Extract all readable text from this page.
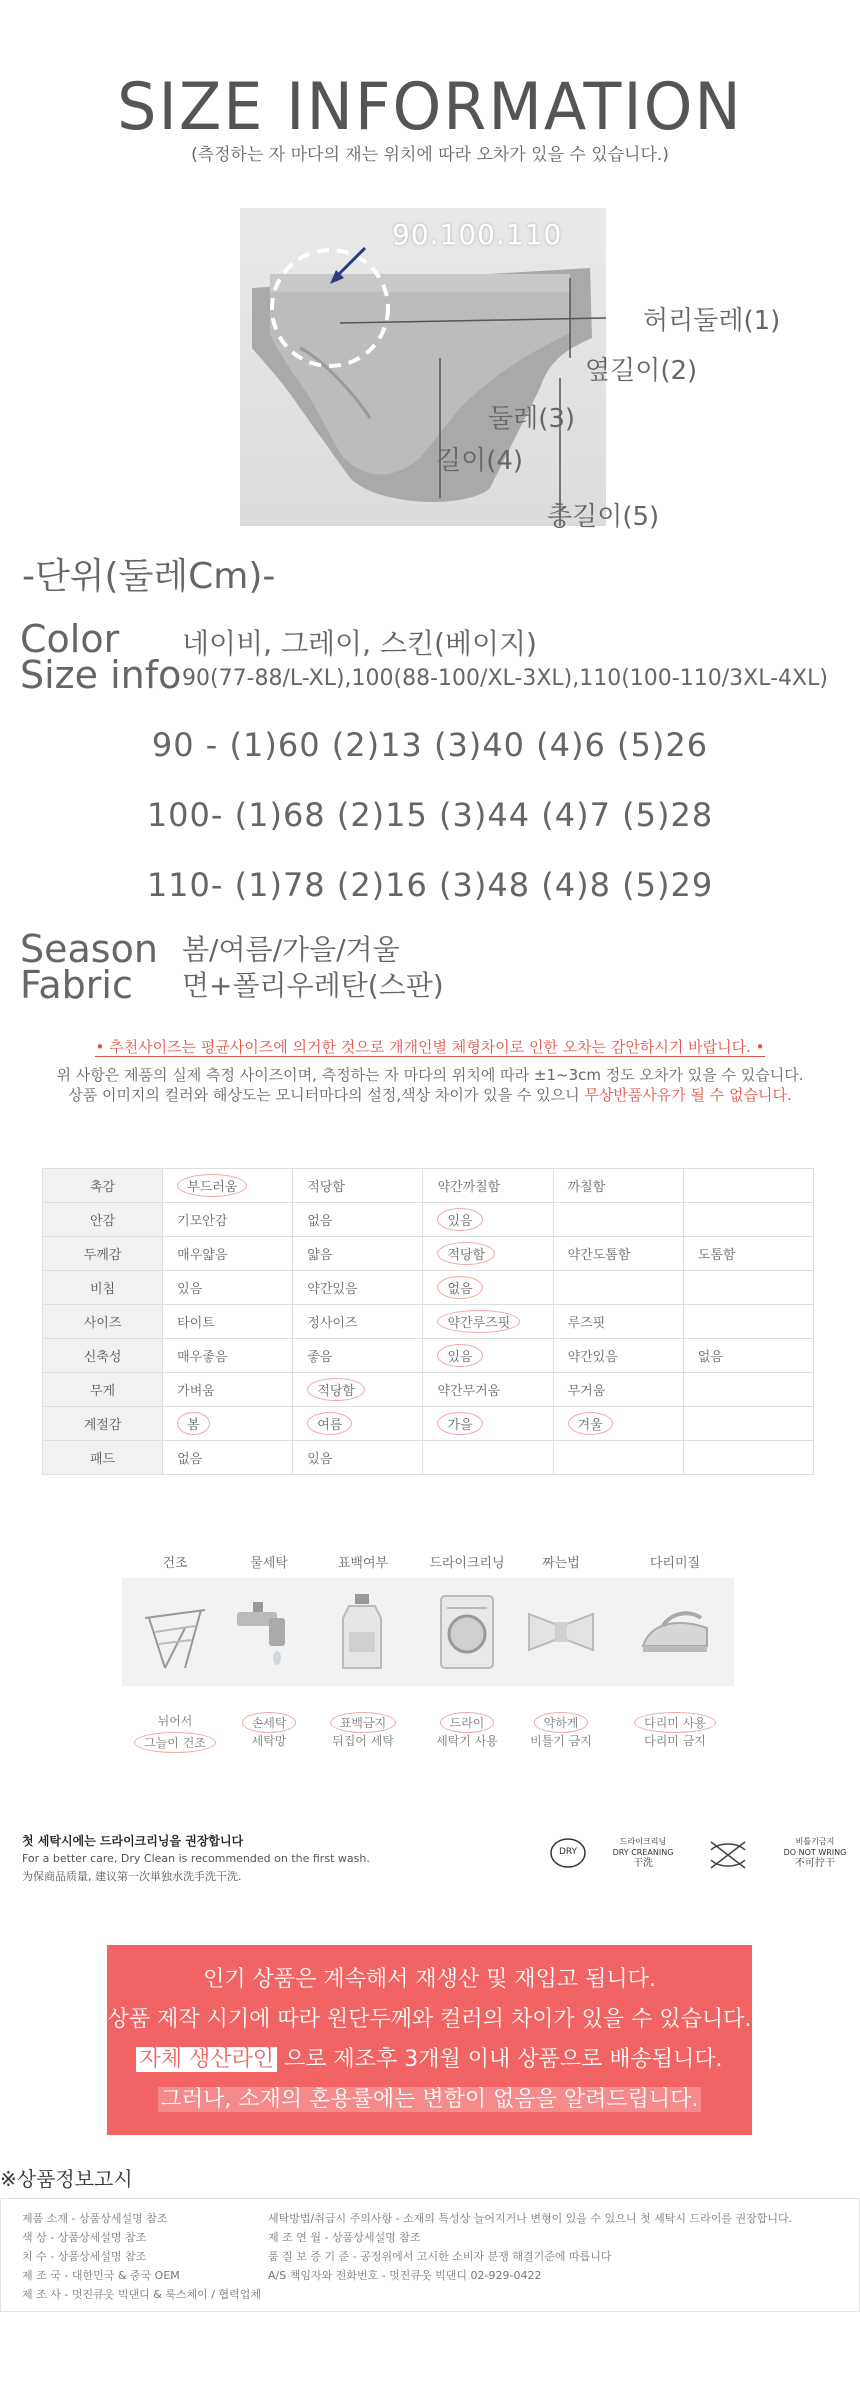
SIZE INFORMATION
(측정하는 자 마다의 재는 위치에 따라 오차가 있을 수 있습니다.)
90.100.110
허리둘레(1)
옆길이(2)
둘레(3)
길이(4)
총길이(5)
-단위(둘레Cm)-
Color 네이비, 그레이, 스킨(베이지)
Size info 90(77-88/L-XL),100(88-100/XL-3XL),110(100-110/3XL-4XL)
90 - (1)60 (2)13 (3)40 (4)6 (5)26
100- (1)68 (2)15 (3)44 (4)7 (5)28
110- (1)78 (2)16 (3)48 (4)8 (5)29
Season 봄/여름/가을/겨울
Fabric 면+폴리우레탄(스판)
• 추천사이즈는 평균사이즈에 의거한 것으로 개개인별 체형차이로 인한 오차는 감안하시기 바랍니다. •
위 사항은 제품의 실제 측정 사이즈이며, 측정하는 자 마다의 위치에 따라 ±1~3cm 정도 오차가 있을 수 있습니다.
상품 이미지의 컬러와 해상도는 모니터마다의 설정,색상 차이가 있을 수 있으니 무상반품사유가 될 수 없습니다.
촉감	부드러움	적당함	약간까칠함	까칠함	
안감	기모안감	없음	있음		
두께감	매우얇음	얇음	적당함	약간도톰함	도톰함
비침	있음	약간있음	없음		
사이즈	타이트	정사이즈	약간루즈핏	루즈핏	
신축성	매우좋음	좋음	있음	약간있음	없음
무게	가벼움	적당함	약간무거움	무거움	
계절감	봄	여름	가을	겨울	
패드	없음	있음			
건조
뉘어서
그늘이 건조
물세탁
손세탁
세탁망
표백여부
표백금지
뒤집어 세탁
드라이크리닝
드라이
세탁기 사용
짜는법
약하게
비틀기 금지
다리미질
다리미 사용
다리미 금지
첫 세탁시에는 드라이크리닝을 권장합니다
For a better care, Dry Clean is recommended on the first wash.
为保商品质量, 建议第一次単独水洗手洗干洗.
DRY
드라이크리닝
DRY CREANING
干洗
비틀기금지
DO NOT WRING
不可拧干
인기 상품은 계속해서 재생산 및 재입고 됩니다.
상품 제작 시기에 따라 원단두께와 컬러의 차이가 있을 수 있습니다.
자체 생산라인 으로 제조후 3개월 이내 상품으로 배송됩니다.
그러나, 소재의 혼용률에는 변함이 없음을 알려드립니다.
※상품정보고시
제품 소재 - 상품상세설명 참조
색 상 - 상품상세설명 참조
치 수 - 상품상세설명 참조
제 조 국 - 대한민국 & 중국 OEM
제 조 사 - 멋진큐웃 빅댄디 & 룩스체이 / 협력업체
세탁방법/취급시 주의사항 - 소재의 특성상 늘어지거나 변형이 있을 수 있으니 첫 세탁시 드라이를 권장합니다.
제 조 연 월 - 상품상세설명 참조
품 질 보 증 기 준 - 공정위에서 고시한 소비자 분쟁 해결기준에 따릅니다
A/S 책임자와 전화번호 - 멋진큐웃 빅댄디 02-929-0422
